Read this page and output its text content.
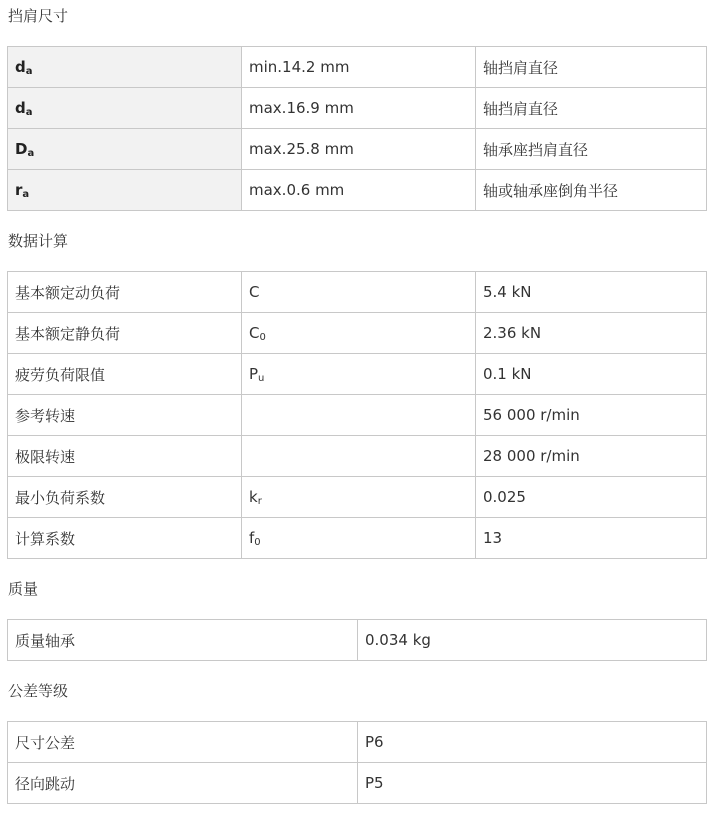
挡肩尺寸
da	min.14.2 mm	轴挡肩直径
da	max.16.9 mm	轴挡肩直径
Da	max.25.8 mm	轴承座挡肩直径
ra	max.0.6 mm	轴或轴承座倒角半径
数据计算
基本额定动负荷	C	5.4 kN
基本额定静负荷	C0	2.36 kN
疲劳负荷限值	Pu	0.1 kN
参考转速		56 000 r/min
极限转速		28 000 r/min
最小负荷系数	kr	0.025
计算系数	f0	13
质量
质量轴承	0.034 kg
公差等级
尺寸公差	P6
径向跳动	P5
